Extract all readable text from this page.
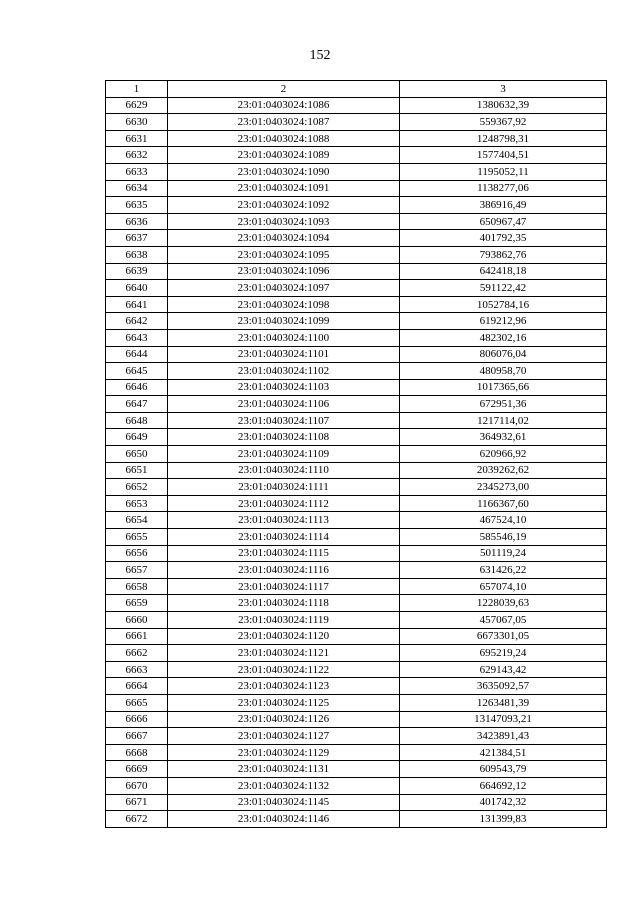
152
1	2	3
6629	23:01:0403024:1086	1380632,39
6630	23:01:0403024:1087	559367,92
6631	23:01:0403024:1088	1248798,31
6632	23:01:0403024:1089	1577404,51
6633	23:01:0403024:1090	1195052,11
6634	23:01:0403024:1091	1138277,06
6635	23:01:0403024:1092	386916,49
6636	23:01:0403024:1093	650967,47
6637	23:01:0403024:1094	401792,35
6638	23:01:0403024:1095	793862,76
6639	23:01:0403024:1096	642418,18
6640	23:01:0403024:1097	591122,42
6641	23:01:0403024:1098	1052784,16
6642	23:01:0403024:1099	619212,96
6643	23:01:0403024:1100	482302,16
6644	23:01:0403024:1101	806076,04
6645	23:01:0403024:1102	480958,70
6646	23:01:0403024:1103	1017365,66
6647	23:01:0403024:1106	672951,36
6648	23:01:0403024:1107	1217114,02
6649	23:01:0403024:1108	364932,61
6650	23:01:0403024:1109	620966,92
6651	23:01:0403024:1110	2039262,62
6652	23:01:0403024:1111	2345273,00
6653	23:01:0403024:1112	1166367,60
6654	23:01:0403024:1113	467524,10
6655	23:01:0403024:1114	585546,19
6656	23:01:0403024:1115	501119,24
6657	23:01:0403024:1116	631426,22
6658	23:01:0403024:1117	657074,10
6659	23:01:0403024:1118	1228039,63
6660	23:01:0403024:1119	457067,05
6661	23:01:0403024:1120	6673301,05
6662	23:01:0403024:1121	695219,24
6663	23:01:0403024:1122	629143,42
6664	23:01:0403024:1123	3635092,57
6665	23:01:0403024:1125	1263481,39
6666	23:01:0403024:1126	13147093,21
6667	23:01:0403024:1127	3423891,43
6668	23:01:0403024:1129	421384,51
6669	23:01:0403024:1131	609543,79
6670	23:01:0403024:1132	664692,12
6671	23:01:0403024:1145	401742,32
6672	23:01:0403024:1146	131399,83
